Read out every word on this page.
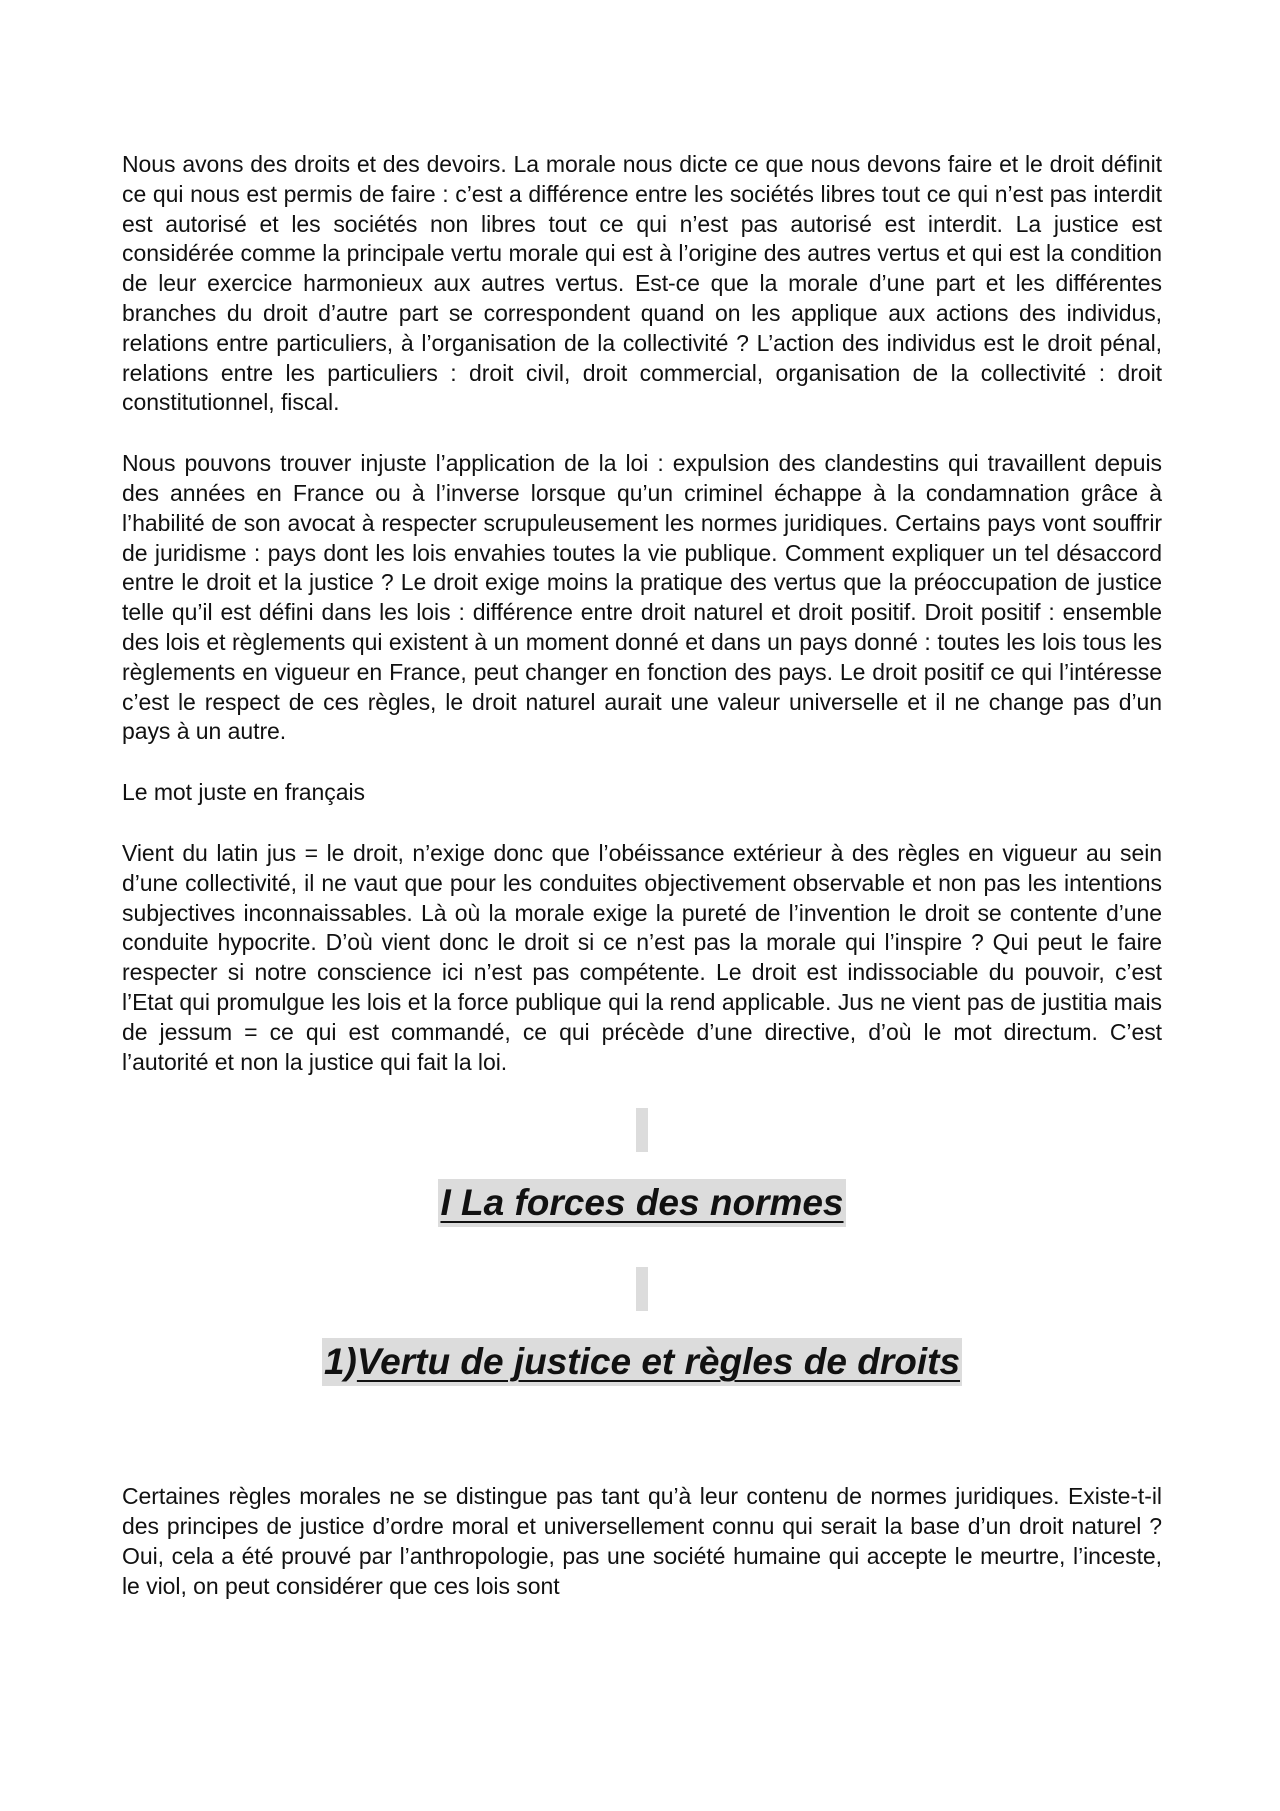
Nous avons des droits et des devoirs. La morale nous dicte ce que nous devons faire et le droit définit ce qui nous est permis de faire : c’est a différence entre les sociétés libres tout ce qui n’est pas interdit est autorisé et les sociétés non libres tout ce qui n’est pas autorisé est interdit. La justice est considérée comme la principale vertu morale qui est à l’origine des autres vertus et qui est la condition de leur exercice harmonieux aux autres vertus. Est-ce que la morale d’une part et les différentes branches du droit d’autre part se correspondent quand on les applique aux actions des individus, relations entre particuliers, à l’organisation de la collectivité ? L’action des individus est le droit pénal, relations entre les particuliers : droit civil, droit commercial, organisation de la collectivité : droit constitutionnel, fiscal.

Nous pouvons trouver injuste l’application de la loi : expulsion des clandestins qui travaillent depuis des années en France ou à l’inverse lorsque qu’un criminel échappe à la condamnation grâce à l’habilité de son avocat à respecter scrupuleusement les normes juridiques. Certains pays vont souffrir de juridisme : pays dont les lois envahies toutes la vie publique. Comment expliquer un tel désaccord entre le droit et la justice ? Le droit exige moins la pratique des vertus que la préoccupation de justice telle qu’il est défini dans les lois : différence entre droit naturel et droit positif. Droit positif : ensemble des lois et règlements qui existent à un moment donné et dans un pays donné : toutes les lois tous les règlements en vigueur en France, peut changer en fonction des pays. Le droit positif ce qui l’intéresse c’est le respect de ces règles, le droit naturel aurait une valeur universelle et il ne change pas d’un pays à un autre.

Le mot juste en français

Vient du latin jus = le droit, n’exige donc que l’obéissance extérieur à des règles en vigueur au sein d’une collectivité, il ne vaut que pour les conduites objectivement observable et non pas les intentions subjectives inconnaissables. Là où la morale exige la pureté de l’invention le droit se contente d’une conduite hypocrite. D’où vient donc le droit si ce n’est pas la morale qui l’inspire ? Qui peut le faire respecter si notre conscience ici n’est pas compétente. Le droit est indissociable du pouvoir, c’est l’Etat qui promulgue les lois et la force publique qui la rend applicable. Jus ne vient pas de justitia mais de jessum = ce qui est commandé, ce qui précède d’une directive, d’où le mot directum. C’est l’autorité et non la justice qui fait la loi.

I La forces des normes
1)Vertu de justice et règles de droits

Certaines règles morales ne se distingue pas tant qu’à leur contenu de normes juridiques. Existe-t-il des principes de justice d’ordre moral et universellement connu qui serait la base d’un droit naturel ? Oui, cela a été prouvé par l’anthropologie, pas une société humaine qui accepte le meurtre, l’inceste, le viol, on peut considérer que ces lois sont
